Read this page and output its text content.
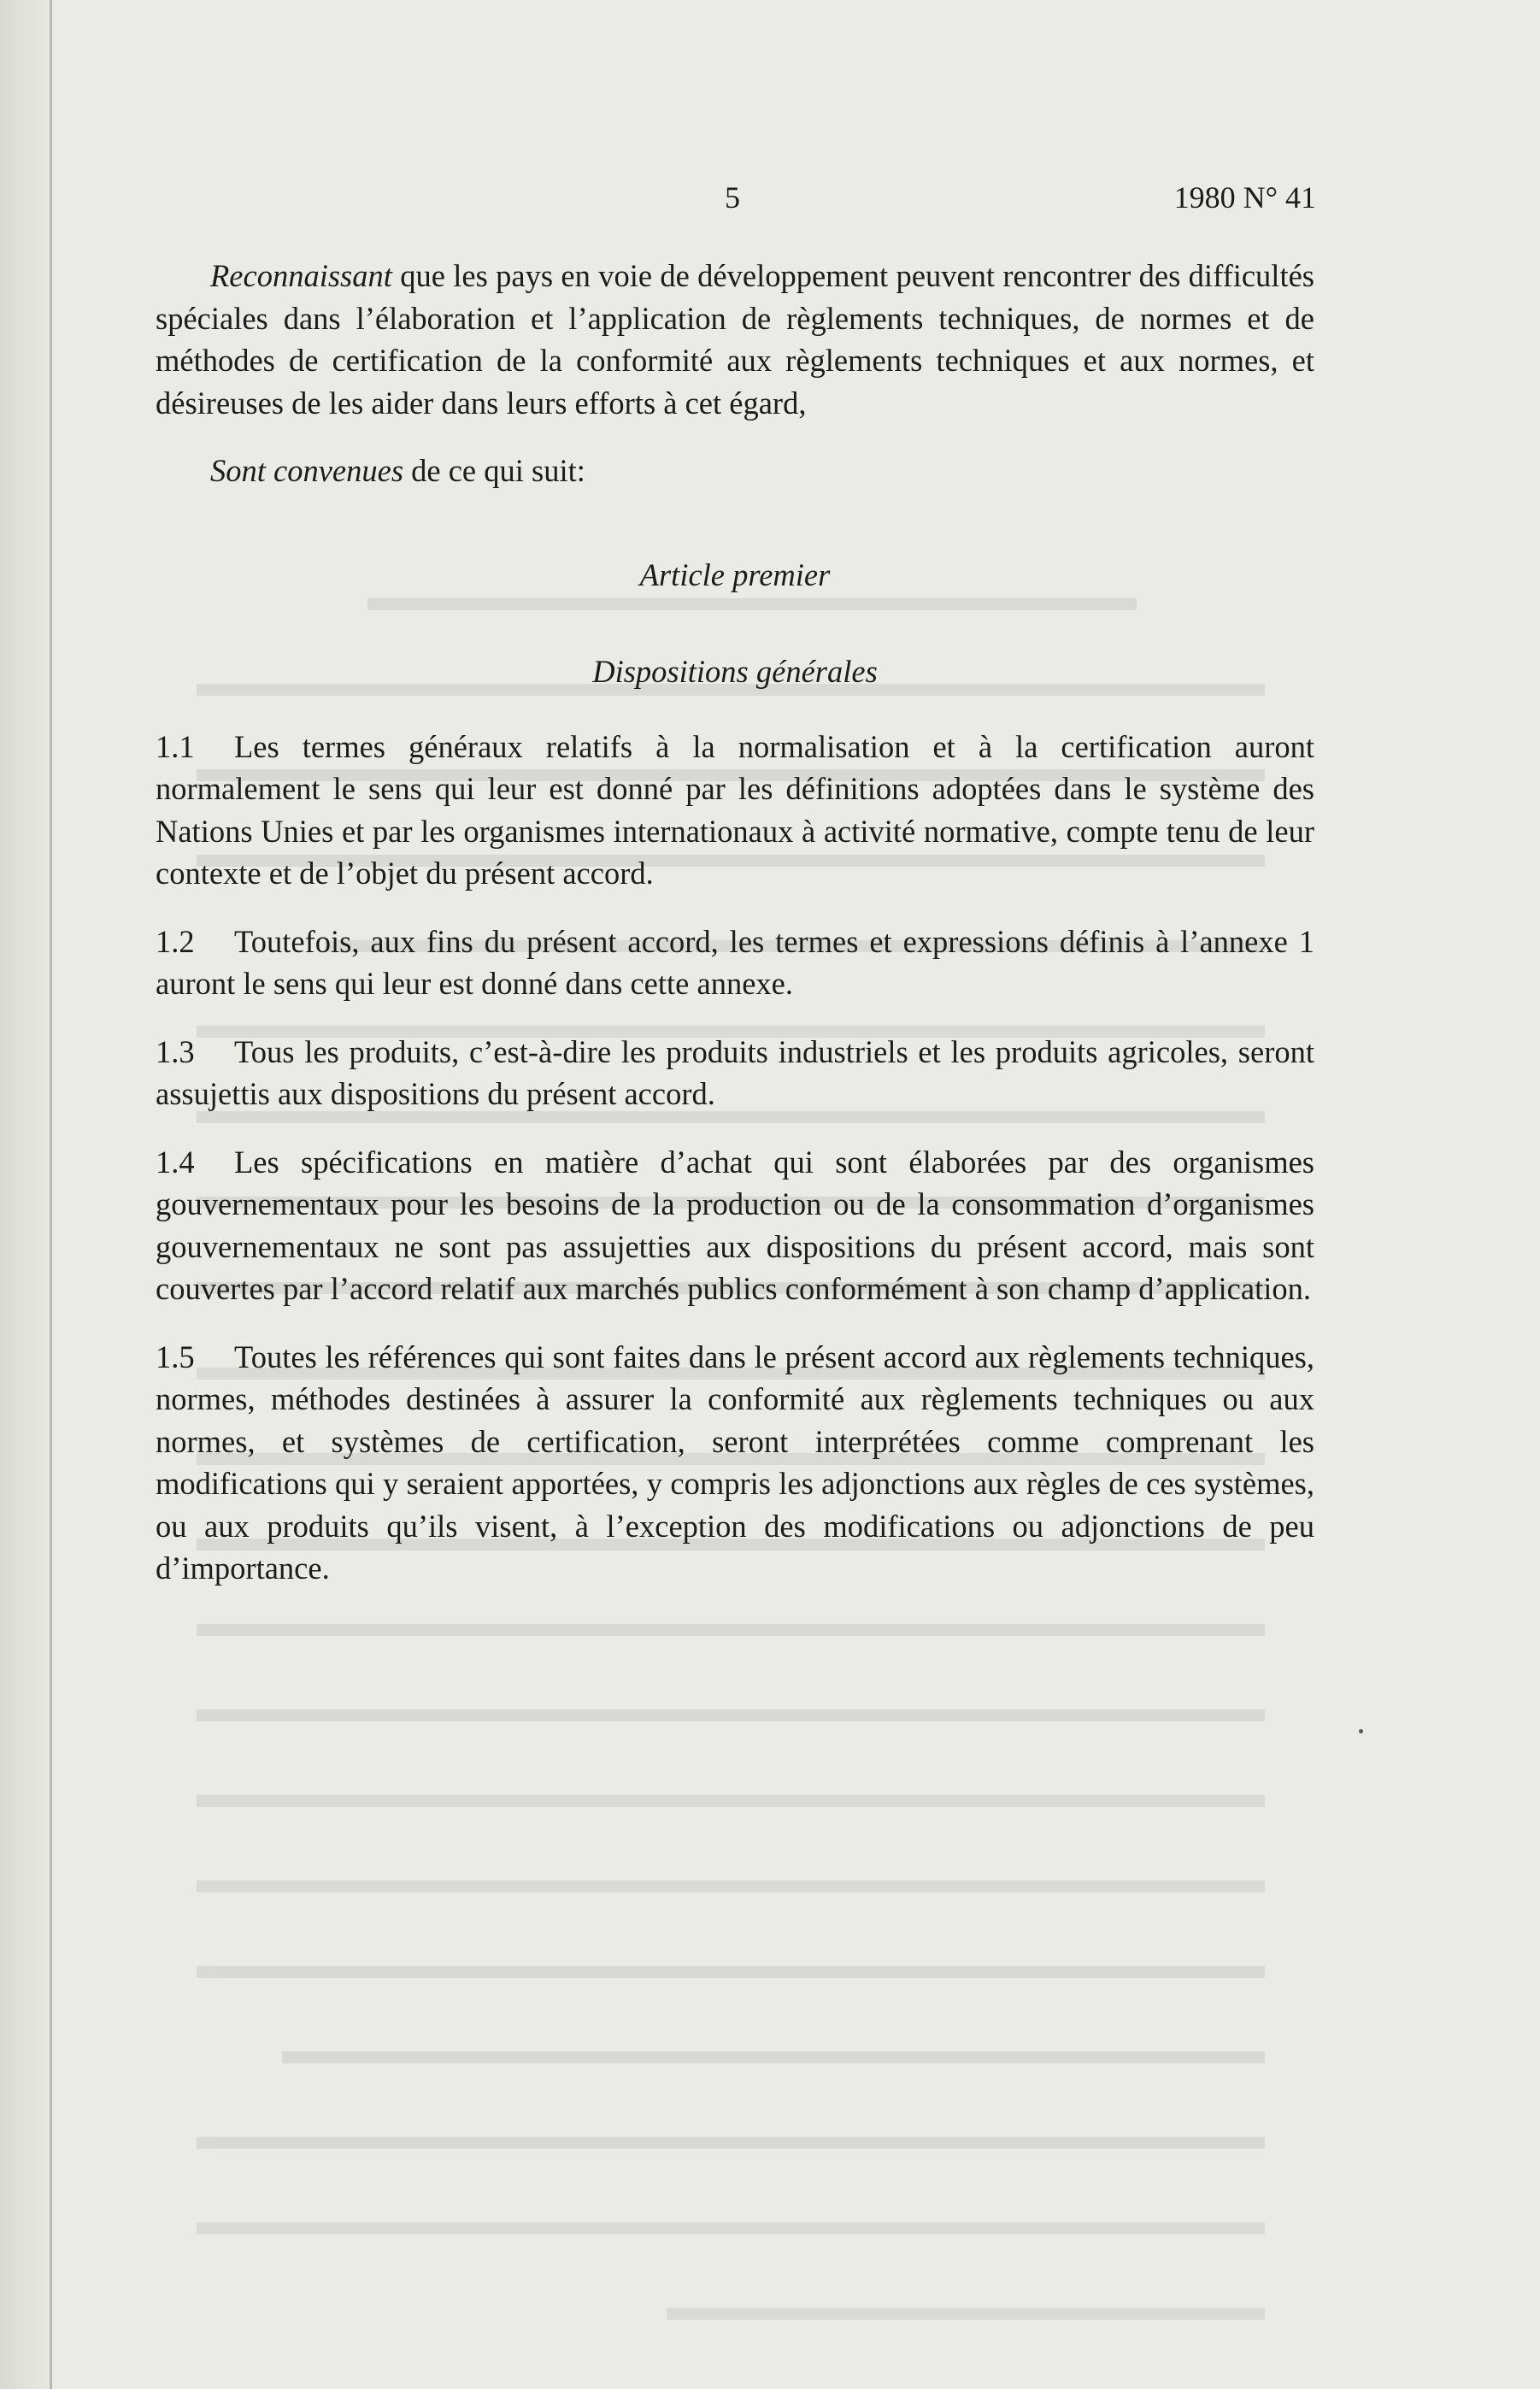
5	1980 N° 41

Reconnaissant que les pays en voie de développement peuvent rencontrer des difficultés spéciales dans l’élaboration et l’application de règlements techniques, de normes et de méthodes de certification de la conformité aux règlements techniques et aux normes, et désireuses de les aider dans leurs efforts à cet égard,

Sont convenues de ce qui suit:

Article premier

Dispositions générales

1.1 Les termes généraux relatifs à la normalisation et à la certification auront normalement le sens qui leur est donné par les définitions adoptées dans le système des Nations Unies et par les organismes internationaux à activité normative, compte tenu de leur contexte et de l’objet du présent accord.

1.2 Toutefois, aux fins du présent accord, les termes et expressions définis à l’annexe 1 auront le sens qui leur est donné dans cette annexe.

1.3 Tous les produits, c’est-à-dire les produits industriels et les produits agricoles, seront assujettis aux dispositions du présent accord.

1.4 Les spécifications en matière d’achat qui sont élaborées par des organismes gouvernementaux pour les besoins de la production ou de la consommation d’organismes gouvernementaux ne sont pas assujetties aux dispositions du présent accord, mais sont couvertes par l’accord relatif aux marchés publics conformément à son champ d’application.

1.5 Toutes les références qui sont faites dans le présent accord aux règlements techniques, normes, méthodes destinées à assurer la conformité aux règlements techniques ou aux normes, et systèmes de certification, seront interprétées comme comprenant les modifications qui y seraient apportées, y compris les adjonctions aux règles de ces systèmes, ou aux produits qu’ils visent, à l’exception des modifications ou adjonctions de peu d’importance.
